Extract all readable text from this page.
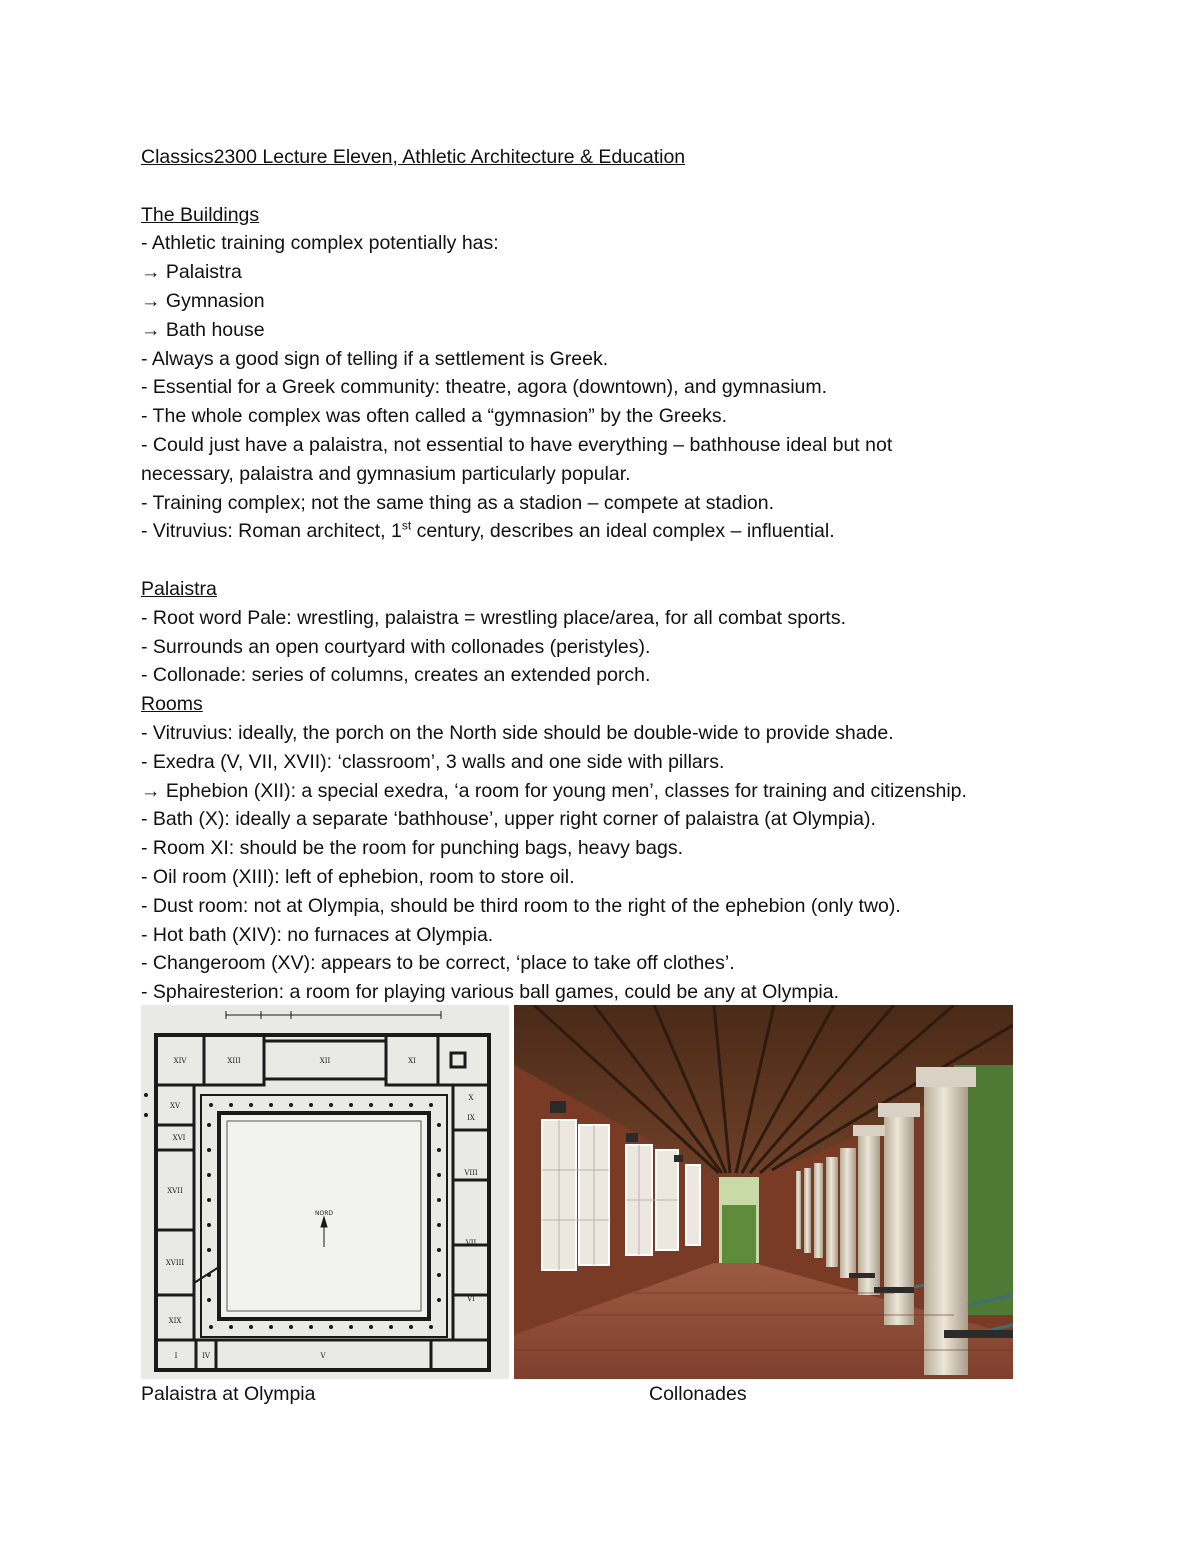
Classics2300 Lecture Eleven, Athletic Architecture & Education
The Buildings
- Athletic training complex potentially has:
→ Palaistra
→ Gymnasion
→ Bath house
- Always a good sign of telling if a settlement is Greek.
- Essential for a Greek community: theatre, agora (downtown), and gymnasium.
- The whole complex was often called a “gymnasion” by the Greeks.
- Could just have a palaistra, not essential to have everything – bathhouse ideal but not necessary, palaistra and gymnasium particularly popular.
- Training complex; not the same thing as a stadion – compete at stadion.
- Vitruvius: Roman architect, 1st century, describes an ideal complex – influential.
Palaistra
- Root word Pale: wrestling, palaistra = wrestling place/area, for all combat sports.
- Surrounds an open courtyard with collonades (peristyles).
- Collonade: series of columns, creates an extended porch.
Rooms
- Vitruvius: ideally, the porch on the North side should be double-wide to provide shade.
- Exedra (V, VII, XVII): ‘classroom’, 3 walls and one side with pillars.
→ Ephebion (XII): a special exedra, ‘a room for young men’, classes for training and citizenship.
- Bath (X): ideally a separate ‘bathhouse’, upper right corner of palaistra (at Olympia).
- Room XI: should be the room for punching bags, heavy bags.
- Oil room (XIII): left of ephebion, room to store oil.
- Dust room: not at Olympia, should be third room to the right of the ephebion (only two).
- Hot bath (XIV): no furnaces at Olympia.
- Changeroom (XV): appears to be correct, ‘place to take off clothes’.
- Sphairesterion: a room for playing various ball games, could be any at Olympia.
NORD
XIV	XIII	XII	XI
X
IX
VIII
VII
VI
XV
XVI
XVII
XVIII
XIX
I	IV	V
Palaistra at Olympia	Collonades
